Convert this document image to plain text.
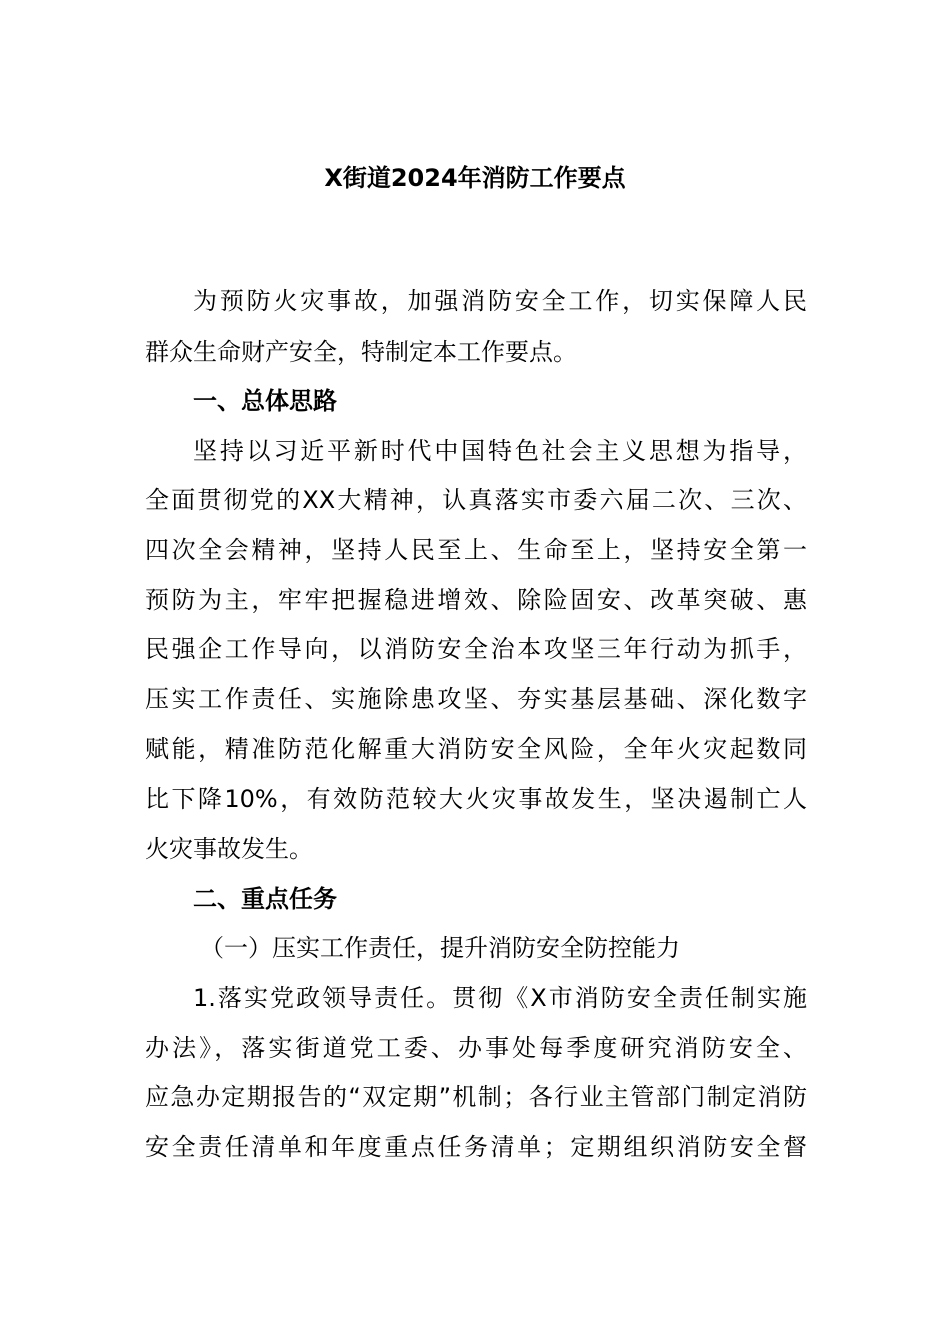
X街道2024年消防工作要点
为预防火灾事故，加强消防安全工作，切实保障人民
群众生命财产安全，特制定本工作要点。
一、总体思路
坚持以习近平新时代中国特色社会主义思想为指导，
全面贯彻党的XX大精神，认真落实市委六届二次、三次、
四次全会精神，坚持人民至上、生命至上，坚持安全第一
预防为主，牢牢把握稳进增效、除险固安、改革突破、惠
民强企工作导向，以消防安全治本攻坚三年行动为抓手，
压实工作责任、实施除患攻坚、夯实基层基础、深化数字
赋能，精准防范化解重大消防安全风险，全年火灾起数同
比下降10%，有效防范较大火灾事故发生，坚决遏制亡人
火灾事故发生。
二、重点任务
（一）压实工作责任，提升消防安全防控能力
1.落实党政领导责任。贯彻《X市消防安全责任制实施
办法》，落实街道党工委、办事处每季度研究消防安全、
应急办定期报告的“双定期”机制；各行业主管部门制定消防
安全责任清单和年度重点任务清单；定期组织消防安全督
